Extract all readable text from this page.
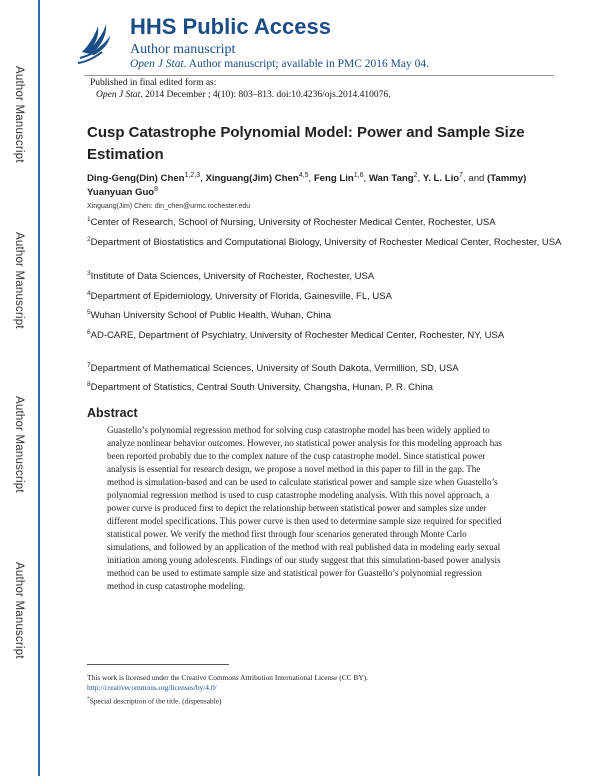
Author Manuscript
Author Manuscript
Author Manuscript
Author Manuscript
HHS Public Access
Author manuscript
Open J Stat. Author manuscript; available in PMC 2016 May 04.
Published in final edited form as:
Open J Stat. 2014 December ; 4(10): 803–813. doi:10.4236/ojs.2014.410076.
Cusp Catastrophe Polynomial Model: Power and Sample Size Estimation
Ding-Geng(Din) Chen$^{1,2,3}$, Xinguang(Jim) Chen$^{4,5}$, Feng Lin$^{1,6}$, Wan Tang$^2$, Y. L. Lio$^7$, and (Tammy) Yuanyuan Guo$^8$
Xinguang(Jim) Chen: din_chen@urmc.rochester.edu
$^1$Center of Research, School of Nursing, University of Rochester Medical Center, Rochester, USA
$^2$Department of Biostatistics and Computational Biology, University of Rochester Medical Center, Rochester, USA
$^3$Institute of Data Sciences, University of Rochester, Rochester, USA
$^4$Department of Epidemiology, University of Florida, Gainesville, FL, USA
$^5$Wuhan University School of Public Health, Wuhan, China
$^6$AD-CARE, Department of Psychiatry, University of Rochester Medical Center, Rochester, NY, USA
$^7$Department of Mathematical Sciences, University of South Dakota, Vermillion, SD, USA
$^8$Department of Statistics, Central South University, Changsha, Hunan, P. R. China
Abstract
Guastello’s polynomial regression method for solving cusp catastrophe model has been widely applied to analyze nonlinear behavior outcomes. However, no statistical power analysis for this modeling approach has been reported probably due to the complex nature of the cusp catastrophe model. Since statistical power analysis is essential for research design, we propose a novel method in this paper to fill in the gap. The method is simulation-based and can be used to calculate statistical power and sample size when Guastello’s polynomial regression method is used to cusp catastrophe modeling analysis. With this novel approach, a power curve is produced first to depict the relationship between statistical power and samples size under different model specifications. This power curve is then used to determine sample size required for specified statistical power. We verify the method first through four scenarios generated through Monte Carlo simulations, and followed by an application of the method with real published data in modeling early sexual initiation among young adolescents. Findings of our study suggest that this simulation-based power analysis method can be used to estimate sample size and statistical power for Guastello’s polynomial regression method in cusp catastrophe modeling.
This work is licensed under the Creative Commons Attribution International License (CC BY). http://creativecommons.org/licenses/by/4.0/
*Special description of the title. (dispensable)
